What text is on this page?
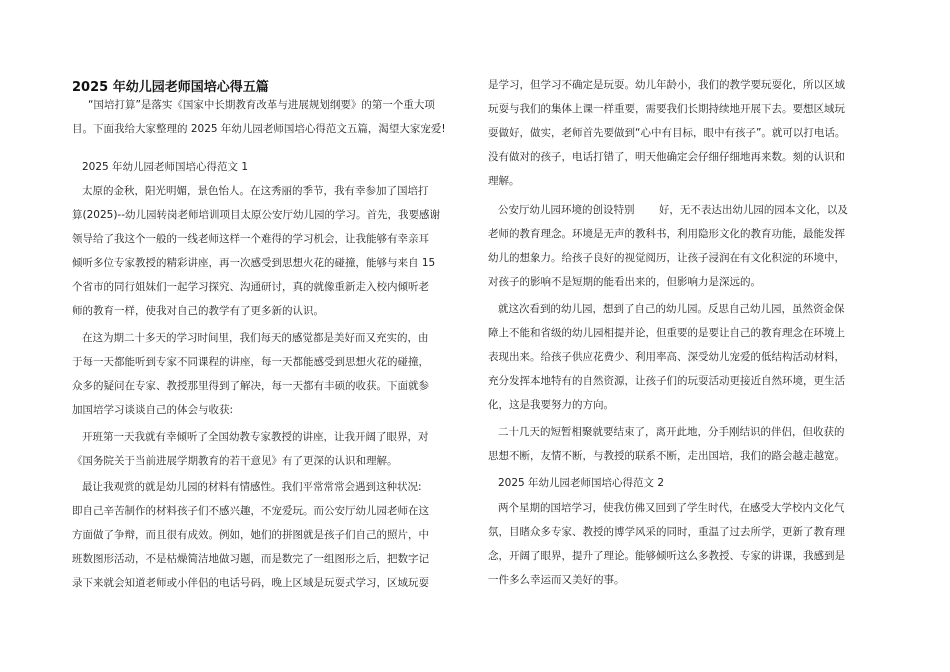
2025 年幼儿园老师国培心得五篇
“国培打算”是落实《国家中长期教育改革与进展规划纲要》的第一个重大项
目。下面我给大家整理的 2025 年幼儿园老师国培心得范文五篇，渴望大家宠爱!
2025 年幼儿园老师国培心得范文 1
太原的金秋，阳光明媚，景色怡人。在这秀丽的季节，我有幸参加了国培打
算(2025)--幼儿园转岗老师培训项目太原公安厅幼儿园的学习。首先，我要感谢
领导给了我这个一般的一线老师这样一个难得的学习机会，让我能够有幸亲耳
倾听多位专家教授的精彩讲座，再一次感受到思想火花的碰撞，能够与来自 15
个省市的同行姐妹们一起学习探究、沟通研讨，真的就像重新走入校内倾听老
师的教育一样，使我对自己的教学有了更多新的认识。
在这为期二十多天的学习时间里，我们每天的感觉都是美好而又充实的，由
于每一天都能听到专家不同课程的讲座，每一天都能感受到思想火花的碰撞，
众多的疑问在专家、教授那里得到了解决，每一天都有丰硕的收获。下面就参
加国培学习谈谈自己的体会与收获:
开班第一天我就有幸倾听了全国幼教专家教授的讲座，让我开阔了眼界，对
《国务院关于当前进展学期教育的若干意见》有了更深的认识和理解。
最让我观赏的就是幼儿园的材料有情感性。我们平常常常会遇到这种状况:
即自己辛苦制作的材料孩子们不感兴趣，不宠爱玩。而公安厅幼儿园老师在这
方面做了争辩，而且很有成效。例如，她们的拼图就是孩子们自己的照片，中
班数图形活动，不是枯燥简洁地做习题，而是数完了一组图形之后，把数字记
录下来就会知道老师或小伴侣的电话号码，晚上区域是玩耍式学习，区域玩耍
是学习，但学习不确定是玩耍。幼儿年龄小，我们的教学要玩耍化，所以区域
玩耍与我们的集体上课一样重要，需要我们长期持续地开展下去。要想区域玩
耍做好，做实，老师首先要做到“心中有目标，眼中有孩子”。就可以打电话。
没有做对的孩子，电话打错了，明天他确定会仔细仔细地再来数。刻的认识和
理解。
公安厅幼儿园环境的创设特别　　 好，无不表达出幼儿园的园本文化，以及
老师的教育理念。环境是无声的教科书，利用隐形文化的教育功能，最能发挥
幼儿的想象力。给孩子良好的视觉阅历，让孩子浸润在有文化积淀的环境中，
对孩子的影响不是短期的能看出来的，但影响力是深远的。
就这次看到的幼儿园，想到了自己的幼儿园。反思自己幼儿园，虽然资金保
障上不能和省级的幼儿园相提并论，但重要的是要让自己的教育理念在环境上
表现出来。给孩子供应花费少、利用率高、深受幼儿宠爱的低结构活动材料，
充分发挥本地特有的自然资源，让孩子们的玩耍活动更接近自然环境，更生活
化，这是我要努力的方向。
二十几天的短暂相聚就要结束了，离开此地，分手刚结识的伴侣，但收获的
思想不断，友情不断，与教授的联系不断，走出国培，我们的路会越走越宽。
2025 年幼儿园老师国培心得范文 2
两个星期的国培学习，使我仿佛又回到了学生时代，在感受大学校内文化气
氛，目睹众多专家、教授的博学风采的同时，重温了过去所学，更新了教育理
念，开阔了眼界，提升了理论。能够倾听这么多教授、专家的讲课，我感到是
一件多么幸运而又美好的事。
